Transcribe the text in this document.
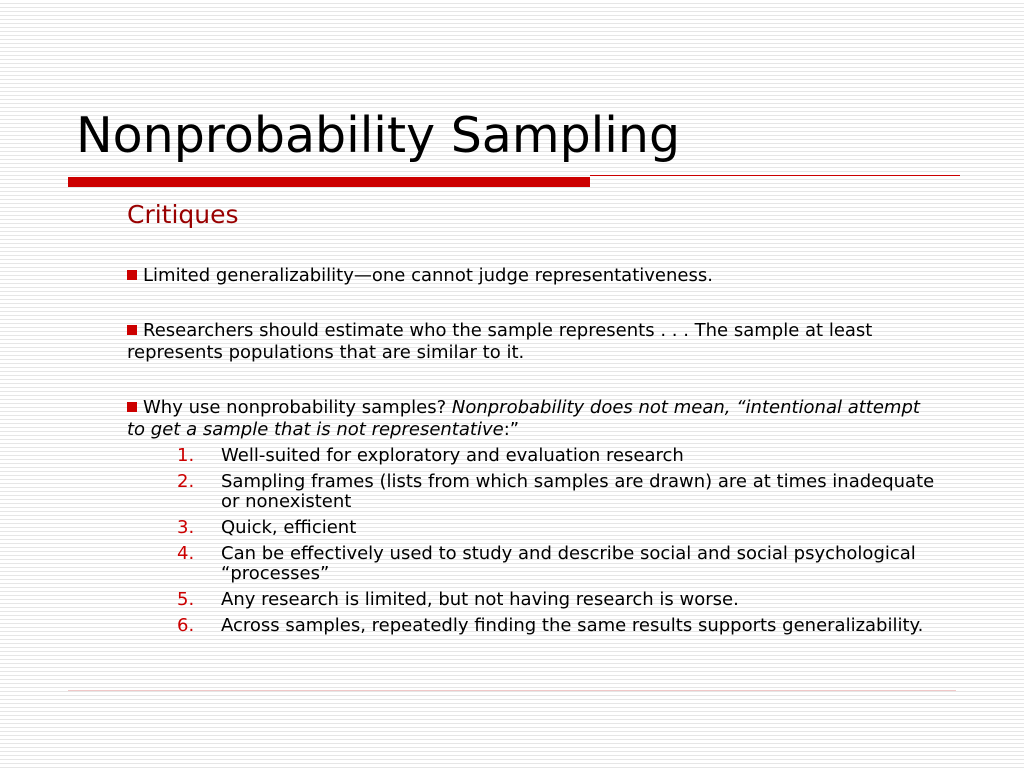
Nonprobability Sampling
Critiques

Limited generalizability—one cannot judge representativeness.

Researchers should estimate who the sample represents . . . The sample at least represents populations that are similar to it.

Why use nonprobability samples? Nonprobability does not mean, “intentional attempt to get a sample that is not representative:”

1.	Well-suited for exploratory and evaluation research
2.	Sampling frames (lists from which samples are drawn) are at times inadequate or nonexistent
3.	Quick, efficient
4.	Can be effectively used to study and describe social and social psychological “processes”
5.	Any research is limited, but not having research is worse.
6.	Across samples, repeatedly finding the same results supports generalizability.
